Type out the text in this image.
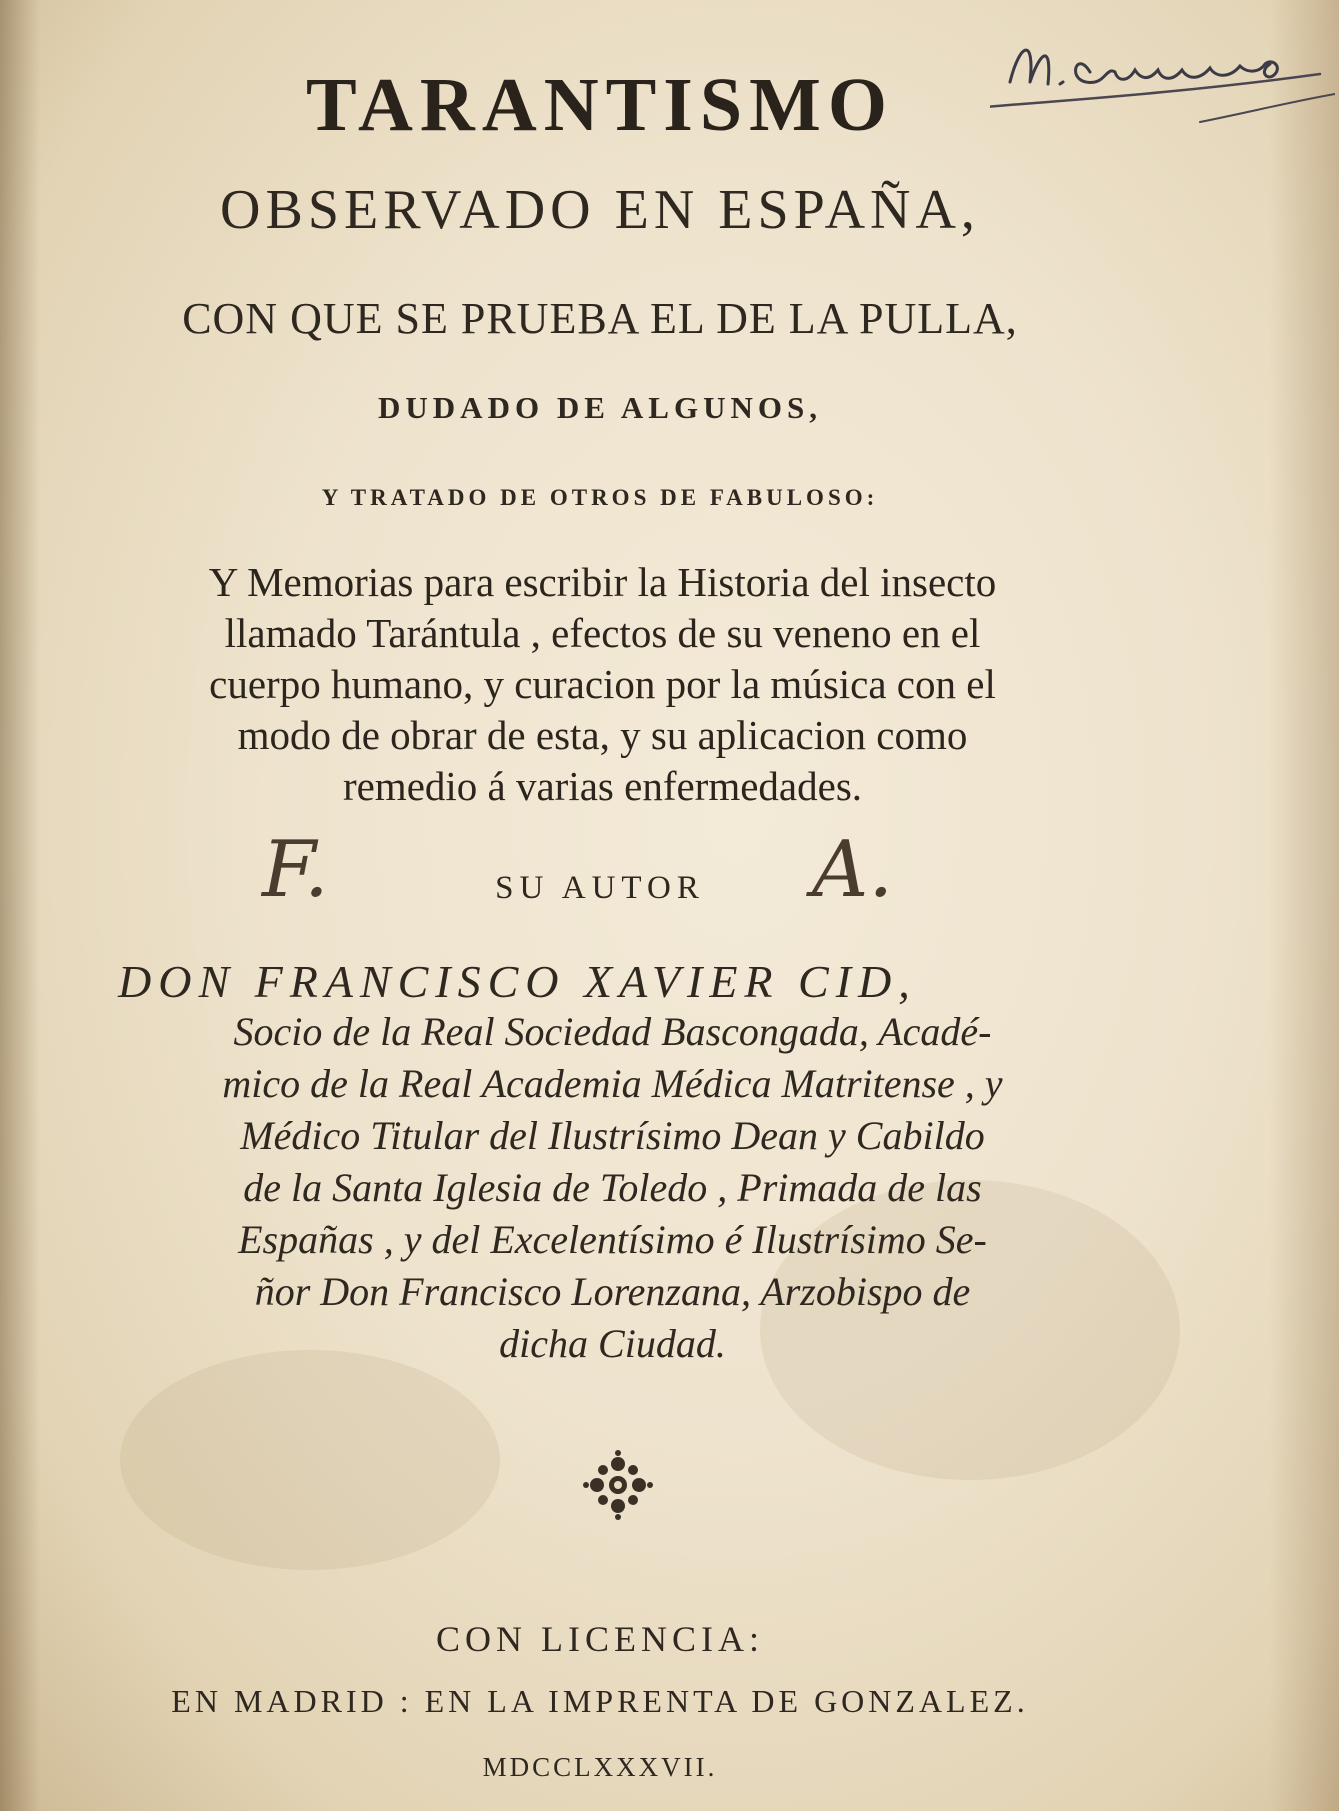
TARANTISMO
OBSERVADO EN ESPAÑA,
CON QUE SE PRUEBA EL DE LA PULLA,
DUDADO DE ALGUNOS,
Y TRATADO DE OTROS DE FABULOSO:
Y Memorias para escribir la Historia del insecto
llamado Tarántula , efectos de su veneno en el
cuerpo humano, y curacion por la música con el
modo de obrar de esta, y su aplicacion como
remedio á varias enfermedades.
F.	SU AUTOR	A.
DON FRANCISCO XAVIER CID,
Socio de la Real Sociedad Bascongada, Acadé-
mico de la Real Academia Médica Matritense , y
Médico Titular del Ilustrísimo Dean y Cabildo
de la Santa Iglesia de Toledo , Primada de las
Españas , y del Excelentísimo é Ilustrísimo Se-
ñor Don Francisco Lorenzana, Arzobispo de
dicha Ciudad.
CON LICENCIA:
EN MADRID : EN LA IMPRENTA DE GONZALEZ.
MDCCLXXXVII.
